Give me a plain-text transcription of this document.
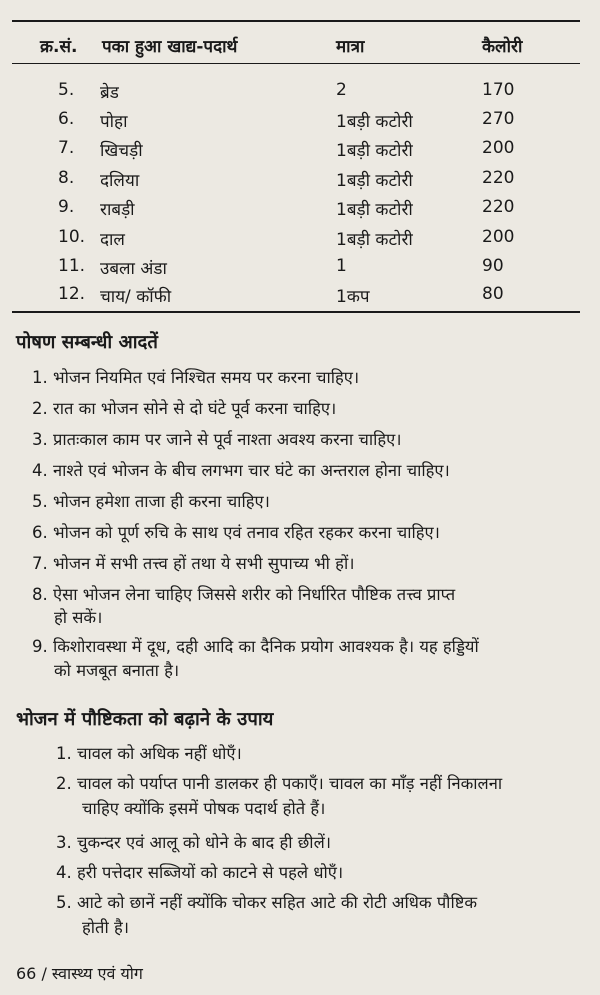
क्र.सं. पका हुआ खाद्य-पदार्थ	मात्रा	कैलोरी
5. ब्रेड	2	170
6. पोहा	1बड़ी कटोरी	270
7. खिचड़ी	1बड़ी कटोरी	200
8. दलिया	1बड़ी कटोरी	220
9. राबड़ी	1बड़ी कटोरी	220
10. दाल	1बड़ी कटोरी	200
11. उबला अंडा	1	90
12. चाय/ कॉफी	1कप	80
पोषण सम्बन्धी आदतें
1. भोजन नियमित एवं निश्चित समय पर करना चाहिए।
2. रात का भोजन सोने से दो घंटे पूर्व करना चाहिए।
3. प्रातःकाल काम पर जाने से पूर्व नाश्ता अवश्य करना चाहिए।
4. नाश्ते एवं भोजन के बीच लगभग चार घंटे का अन्तराल होना चाहिए।
5. भोजन हमेशा ताजा ही करना चाहिए।
6. भोजन को पूर्ण रुचि के साथ एवं तनाव रहित रहकर करना चाहिए।
7. भोजन में सभी तत्त्व हों तथा ये सभी सुपाच्य भी हों।
8. ऐसा भोजन लेना चाहिए जिससे शरीर को निर्धारित पौष्टिक तत्त्व प्राप्त
हो सकें।
9. किशोरावस्था में दूध, दही आदि का दैनिक प्रयोग आवश्यक है। यह हड्डियों
को मजबूत बनाता है।
भोजन में पौष्टिकता को बढ़ाने के उपाय
1. चावल को अधिक नहीं धोएँ।
2. चावल को पर्याप्त पानी डालकर ही पकाएँ। चावल का माँड़ नहीं निकालना
चाहिए क्योंकि इसमें पोषक पदार्थ होते हैं।
3. चुकन्दर एवं आलू को धोने के बाद ही छीलें।
4. हरी पत्तेदार सब्जियों को काटने से पहले धोएँ।
5. आटे को छानें नहीं क्योंकि चोकर सहित आटे की रोटी अधिक पौष्टिक
होती है।
66 / स्वास्थ्य एवं योग
